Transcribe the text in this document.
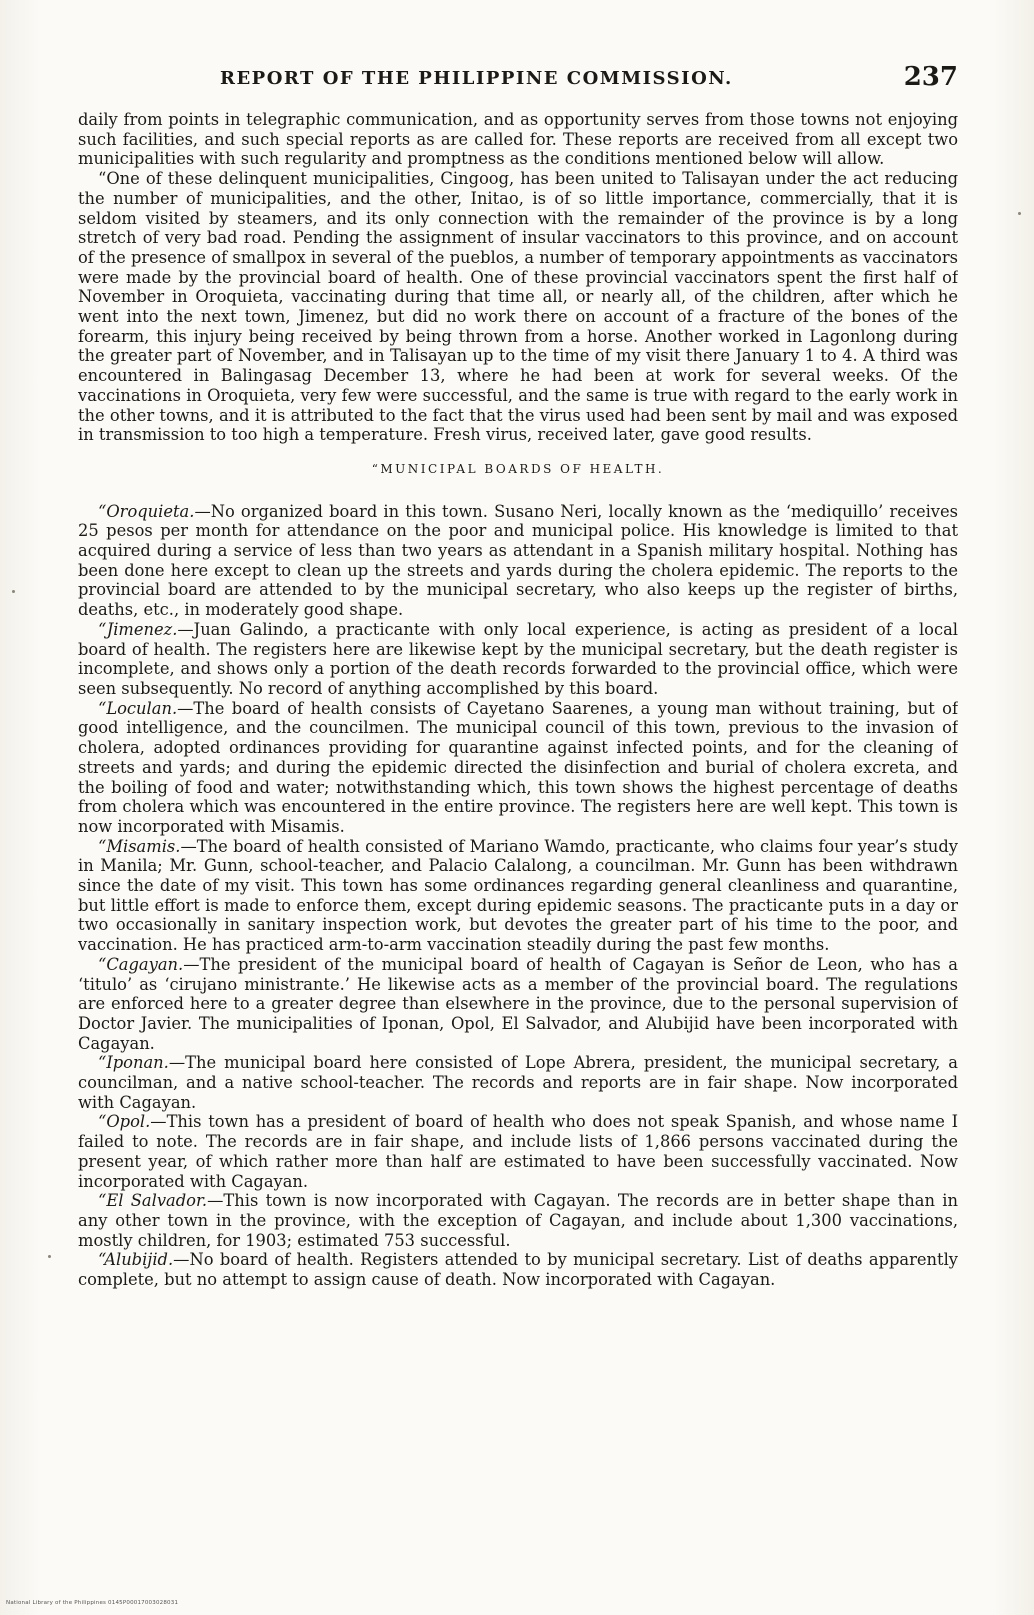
REPORT OF THE PHILIPPINE COMMISSION.	237

daily from points in telegraphic communication, and as opportunity serves from those towns not enjoying such facilities, and such special reports as are called for. These reports are received from all except two municipalities with such regularity and promptness as the conditions mentioned below will allow.

“One of these delinquent municipalities, Cingoog, has been united to Talisayan under the act reducing the number of municipalities, and the other, Initao, is of so little importance, commercially, that it is seldom visited by steamers, and its only connection with the remainder of the province is by a long stretch of very bad road. Pending the assignment of insular vaccinators to this province, and on account of the presence of smallpox in several of the pueblos, a number of temporary appointments as vaccinators were made by the provincial board of health. One of these provincial vaccinators spent the first half of November in Oroquieta, vaccinating during that time all, or nearly all, of the children, after which he went into the next town, Jimenez, but did no work there on account of a fracture of the bones of the forearm, this injury being received by being thrown from a horse. Another worked in Lagonlong during the greater part of November, and in Talisayan up to the time of my visit there January 1 to 4. A third was encountered in Balingasag December 13, where he had been at work for several weeks. Of the vaccinations in Oroquieta, very few were successful, and the same is true with regard to the early work in the other towns, and it is attributed to the fact that the virus used had been sent by mail and was exposed in transmission to too high a temperature. Fresh virus, received later, gave good results.

“MUNICIPAL BOARDS OF HEALTH.

“Oroquieta.—No organized board in this town. Susano Neri, locally known as the ‘mediquillo’ receives 25 pesos per month for attendance on the poor and municipal police. His knowledge is limited to that acquired during a service of less than two years as attendant in a Spanish military hospital. Nothing has been done here except to clean up the streets and yards during the cholera epidemic. The reports to the provincial board are attended to by the municipal secretary, who also keeps up the register of births, deaths, etc., in moderately good shape.

“Jimenez.—Juan Galindo, a practicante with only local experience, is acting as president of a local board of health. The registers here are likewise kept by the municipal secretary, but the death register is incomplete, and shows only a portion of the death records forwarded to the provincial office, which were seen subsequently. No record of anything accomplished by this board.

“Loculan.—The board of health consists of Cayetano Saarenes, a young man without training, but of good intelligence, and the councilmen. The municipal council of this town, previous to the invasion of cholera, adopted ordinances providing for quarantine against infected points, and for the cleaning of streets and yards; and during the epidemic directed the disinfection and burial of cholera excreta, and the boiling of food and water; notwithstanding which, this town shows the highest percentage of deaths from cholera which was encountered in the entire province. The registers here are well kept. This town is now incorporated with Misamis.

“Misamis.—The board of health consisted of Mariano Wamdo, practicante, who claims four year’s study in Manila; Mr. Gunn, school-teacher, and Palacio Calalong, a councilman. Mr. Gunn has been withdrawn since the date of my visit. This town has some ordinances regarding general cleanliness and quarantine, but little effort is made to enforce them, except during epidemic seasons. The practicante puts in a day or two occasionally in sanitary inspection work, but devotes the greater part of his time to the poor, and vaccination. He has practiced arm-to-arm vaccination steadily during the past few months.

“Cagayan.—The president of the municipal board of health of Cagayan is Señor de Leon, who has a ‘titulo’ as ‘cirujano ministrante.’ He likewise acts as a member of the provincial board. The regulations are enforced here to a greater degree than elsewhere in the province, due to the personal supervision of Doctor Javier. The municipalities of Iponan, Opol, El Salvador, and Alubijid have been incorporated with Cagayan.

“Iponan.—The municipal board here consisted of Lope Abrera, president, the municipal secretary, a councilman, and a native school-teacher. The records and reports are in fair shape. Now incorporated with Cagayan.

“Opol.—This town has a president of board of health who does not speak Spanish, and whose name I failed to note. The records are in fair shape, and include lists of 1,866 persons vaccinated during the present year, of which rather more than half are estimated to have been successfully vaccinated. Now incorporated with Cagayan.

“El Salvador.—This town is now incorporated with Cagayan. The records are in better shape than in any other town in the province, with the exception of Cagayan, and include about 1,300 vaccinations, mostly children, for 1903; estimated 753 successful.

“Alubijid.—No board of health. Registers attended to by municipal secretary. List of deaths apparently complete, but no attempt to assign cause of death. Now incorporated with Cagayan.

National Library of the Philippines 0145P00017003028031
